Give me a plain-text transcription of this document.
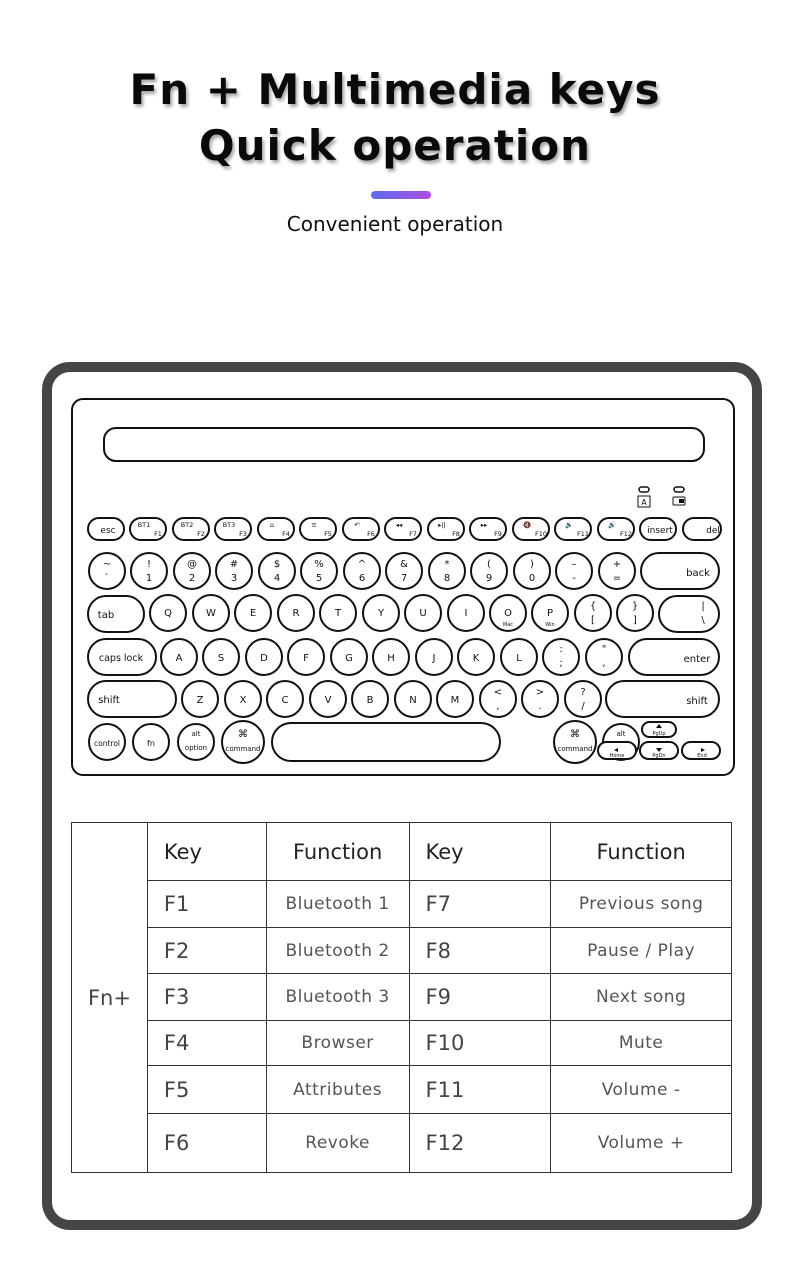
Fn + Multimedia keys
Quick operation
Convenient operation
A
esc
BT1
F1
BT2
F2
BT3
F3
⌂
F4
≡
F5
↶
F6
◂◂
F7
▸||
F8
▸▸
F9
🔇
F10
🔉
F11
🔊
F12 insert	del
~
`
!
1
@
2
#
3
$
4
%
5
^
6
&
7
*
8
(
9
)
0
–
-
+
=	back
tab	Q	W	E	R	T	Y	U	I	O
Mac
P
Win
{
[
}
]
|
\
caps lock	A	S	D	F	G	H	J	K	L
:
;
"
,	enter
shift	Z	X	C	V	B	N	M
<
,
>
.
?
/	shift
control	fn
alt
option
alt
⌘
command
⌘
command
PgUp
Home	PgDn	End
Fn+	Key	Function	Key	Function
	F1	Bluetooth 1	F7	Previous song
	F2	Bluetooth 2	F8	Pause / Play
	F3	Bluetooth 3	F9	Next song
	F4	Browser	F10	Mute
	F5	Attributes	F11	Volume -
	F6	Revoke	F12	Volume +
